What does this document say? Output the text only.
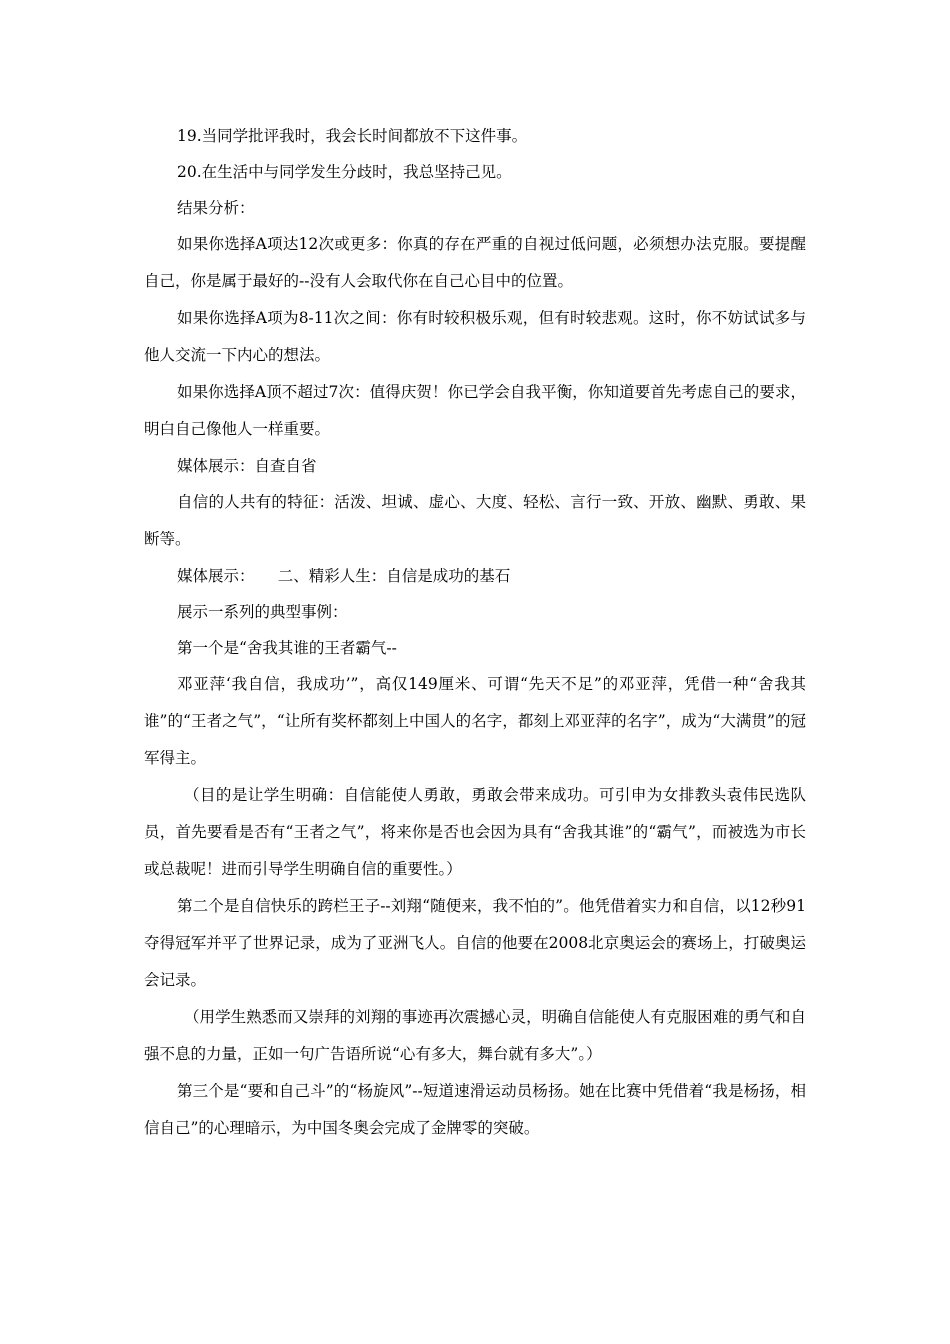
19.当同学批评我时，我会长时间都放不下这件事。

20.在生活中与同学发生分歧时，我总坚持己见。

结果分析：

如果你选择A项达12次或更多：你真的存在严重的自视过低问题，必须想办法克服。要提醒自己，你是属于最好的--没有人会取代你在自己心目中的位置。

如果你选择A项为8-11次之间：你有时较积极乐观，但有时较悲观。这时，你不妨试试多与他人交流一下内心的想法。

如果你选择A顶不超过7次：值得庆贺！你已学会自我平衡，你知道要首先考虑自己的要求，明白自己像他人一样重要。

媒体展示：自查自省

自信的人共有的特征：活泼、坦诚、虚心、大度、轻松、言行一致、开放、幽默、勇敢、果断等。

媒体展示：　　二、精彩人生：自信是成功的基石

展示一系列的典型事例：

第一个是“舍我其谁的王者霸气--

邓亚萍‘我自信，我成功’”，高仅149厘米、可谓“先天不足”的邓亚萍，凭借一种“舍我其谁”的“王者之气”，“让所有奖杯都刻上中国人的名字，都刻上邓亚萍的名字”，成为“大满贯”的冠军得主。

（目的是让学生明确：自信能使人勇敢，勇敢会带来成功。可引申为女排教头袁伟民选队员，首先要看是否有“王者之气”，将来你是否也会因为具有“舍我其谁”的“霸气”，而被选为市长或总裁呢！进而引导学生明确自信的重要性。）

第二个是自信快乐的跨栏王子--刘翔“随便来，我不怕的”。他凭借着实力和自信，以12秒91夺得冠军并平了世界记录，成为了亚洲飞人。自信的他要在2008北京奥运会的赛场上，打破奥运会记录。

（用学生熟悉而又崇拜的刘翔的事迹再次震撼心灵，明确自信能使人有克服困难的勇气和自强不息的力量，正如一句广告语所说“心有多大，舞台就有多大”。）

第三个是“要和自己斗”的“杨旋风”--短道速滑运动员杨扬。她在比赛中凭借着“我是杨扬，相信自己”的心理暗示，为中国冬奥会完成了金牌零的突破。
